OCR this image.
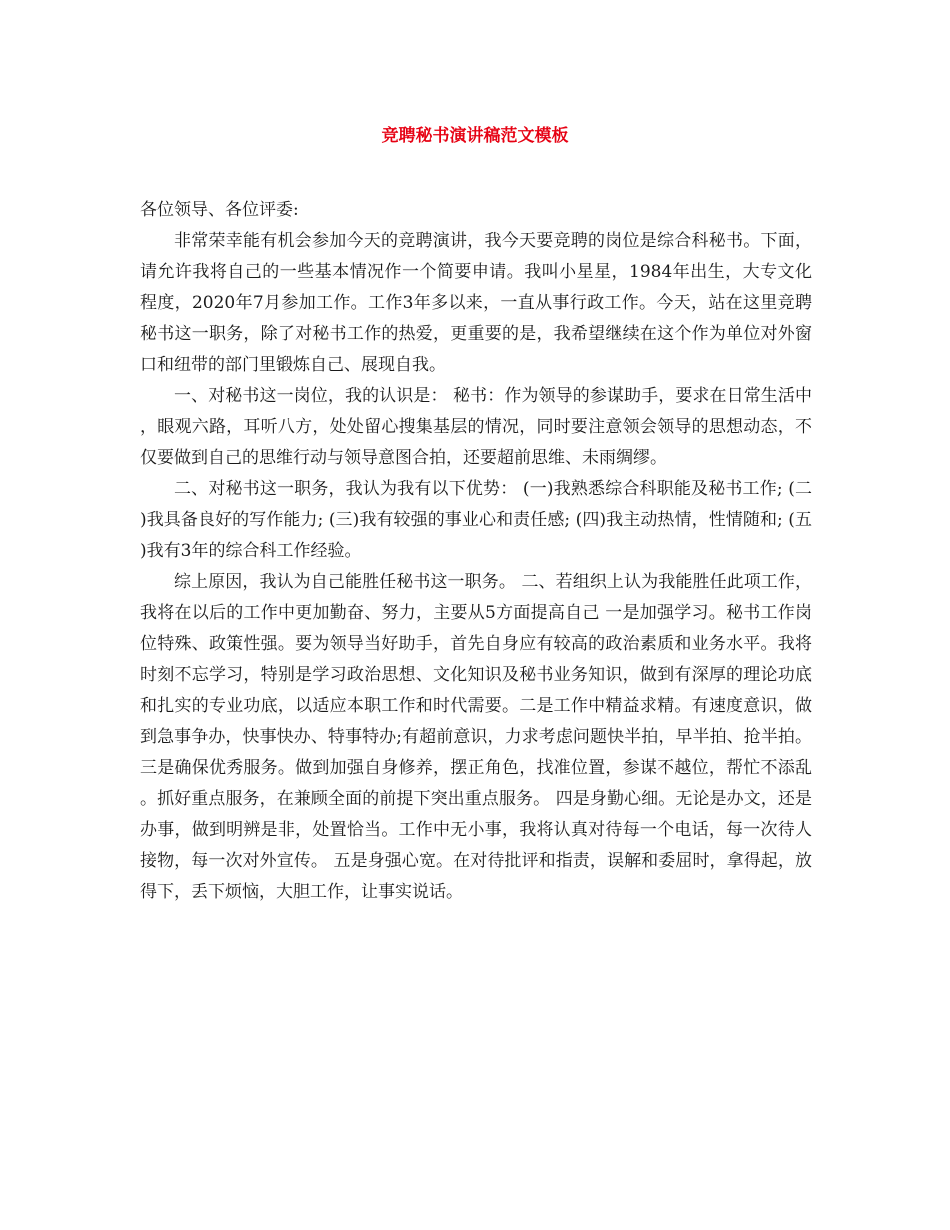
竞聘秘书演讲稿范文模板

各位领导、各位评委:

非常荣幸能有机会参加今天的竞聘演讲，我今天要竞聘的岗位是综合科秘书。下面，请允许我将自己的一些基本情况作一个简要申请。我叫小星星，1984年出生，大专文化程度，2020年7月参加工作。工作3年多以来，一直从事行政工作。今天，站在这里竞聘秘书这一职务，除了对秘书工作的热爱，更重要的是，我希望继续在这个作为单位对外窗口和纽带的部门里锻炼自己、展现自我。

一、对秘书这一岗位，我的认识是： 秘书：作为领导的参谋助手，要求在日常生活中，眼观六路，耳听八方，处处留心搜集基层的情况，同时要注意领会领导的思想动态，不仅要做到自己的思维行动与领导意图合拍，还要超前思维、未雨绸缪。

二、对秘书这一职务，我认为我有以下优势： (一)我熟悉综合科职能及秘书工作; (二)我具备良好的写作能力; (三)我有较强的事业心和责任感; (四)我主动热情，性情随和; (五)我有3年的综合科工作经验。

综上原因，我认为自己能胜任秘书这一职务。 二、若组织上认为我能胜任此项工作，我将在以后的工作中更加勤奋、努力，主要从5方面提高自己 一是加强学习。秘书工作岗位特殊、政策性强。要为领导当好助手，首先自身应有较高的政治素质和业务水平。我将时刻不忘学习，特别是学习政治思想、文化知识及秘书业务知识，做到有深厚的理论功底和扎实的专业功底，以适应本职工作和时代需要。二是工作中精益求精。有速度意识，做到急事争办，快事快办、特事特办;有超前意识，力求考虑问题快半拍，早半拍、抢半拍。 三是确保优秀服务。做到加强自身修养，摆正角色，找准位置，参谋不越位，帮忙不添乱。抓好重点服务，在兼顾全面的前提下突出重点服务。 四是身勤心细。无论是办文，还是办事，做到明辨是非，处置恰当。工作中无小事，我将认真对待每一个电话，每一次待人接物，每一次对外宣传。 五是身强心宽。在对待批评和指责，误解和委屈时，拿得起，放得下，丢下烦恼，大胆工作，让事实说话。
